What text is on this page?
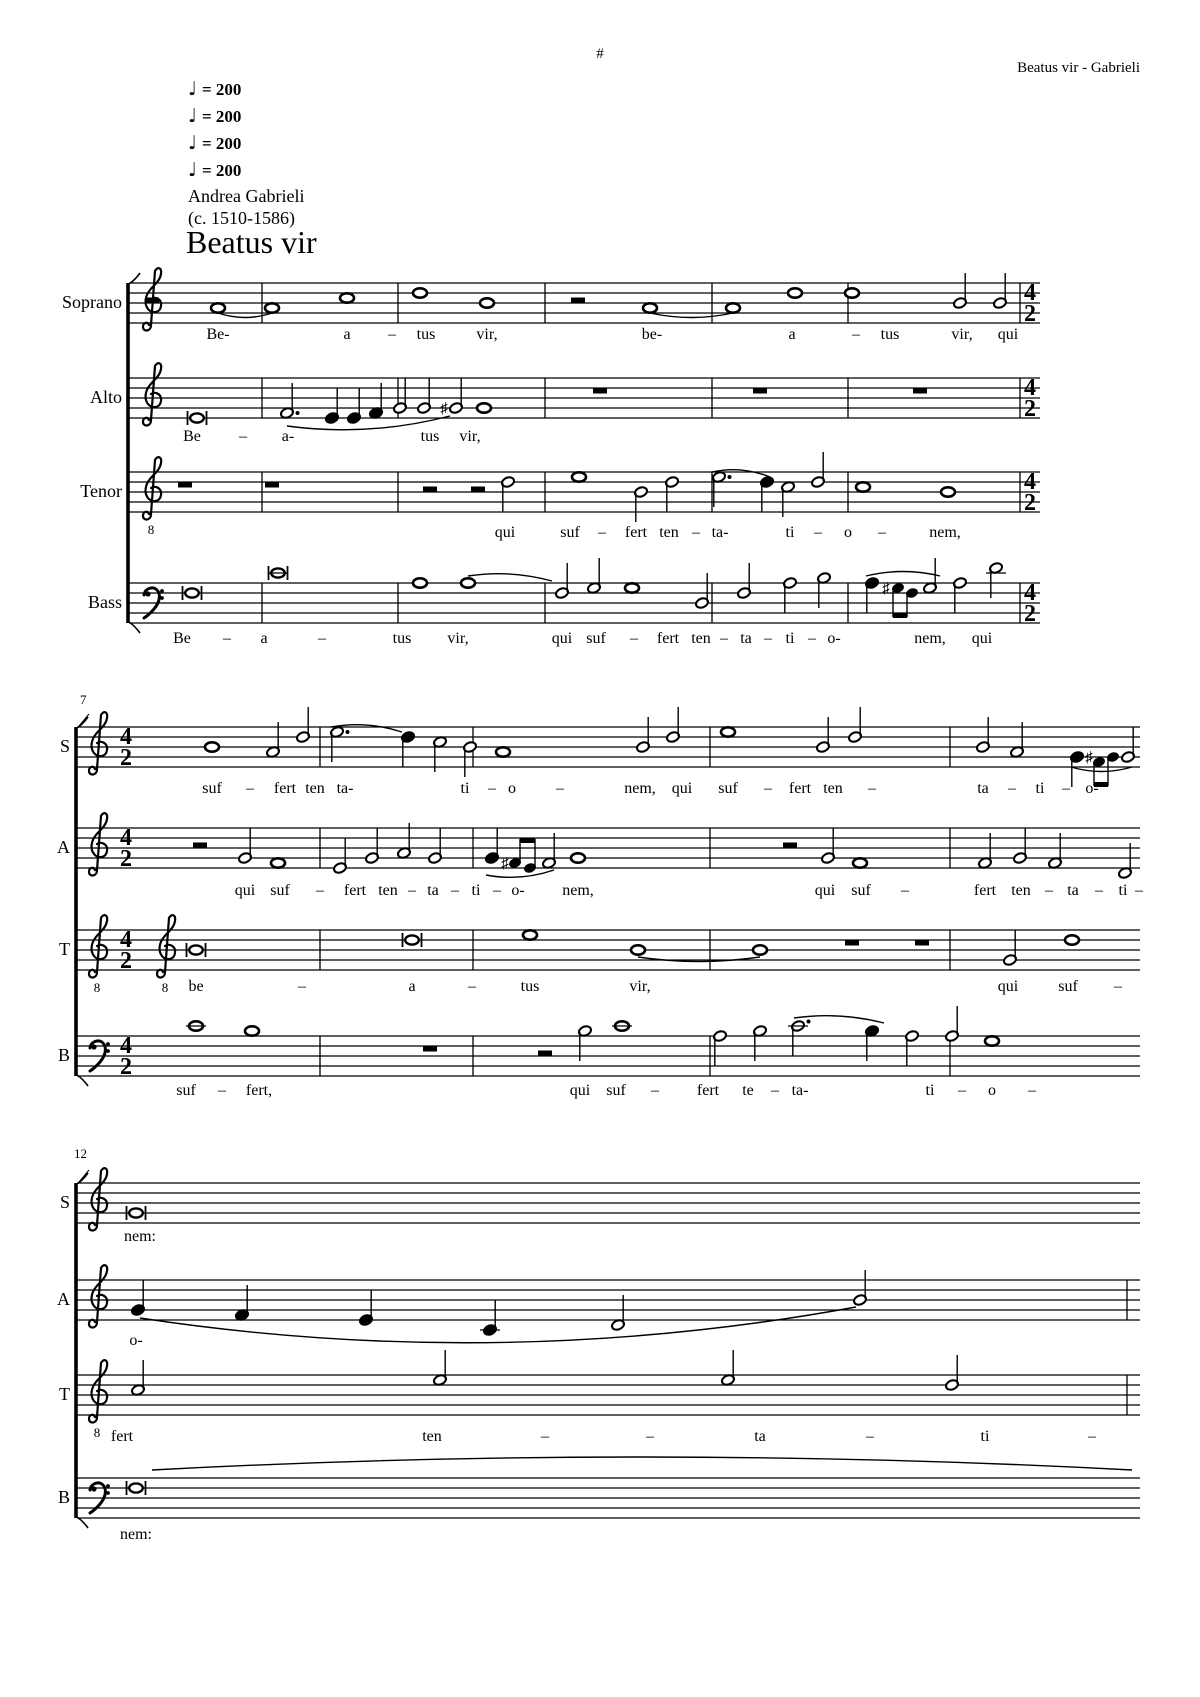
#
Beatus vir - Gabrieli
♩ = 200
♩ = 200
♩ = 200
♩ = 200
Andrea Gabrieli
(c. 1510-1586)
Beatus vir
4
2
Soprano
Be-	a – tus	vir,	be-	a	– tus	vir, qui
4
2
♯
Alto
Be – a-	tus vir,
8
4
2
Tenor
qui	suf – fert ten – ta-	ti – o –	nem,
4
2
♯
Bass
Be – a	–	tus vir,	qui suf – fert ten – ta – ti – o-	nem, qui
7
4
2	♯
S
suf – fert ten ta-	ti – o	–	nem, qui suf – fert ten –	ta – ti – o-
4
2	♯
A
qui suf – fert ten – ta – ti – o- nem,	qui suf –	fert ten – ta – ti –
8
4
2
8
T
be	–	a	–	tus	vir,	qui suf –
4
2
B
suf – fert,	qui suf – fert te – ta-	ti – o –
12
S
nem:
A
o-
8
T
fert	ten	–	–	ta	–	ti	–
B
nem:
